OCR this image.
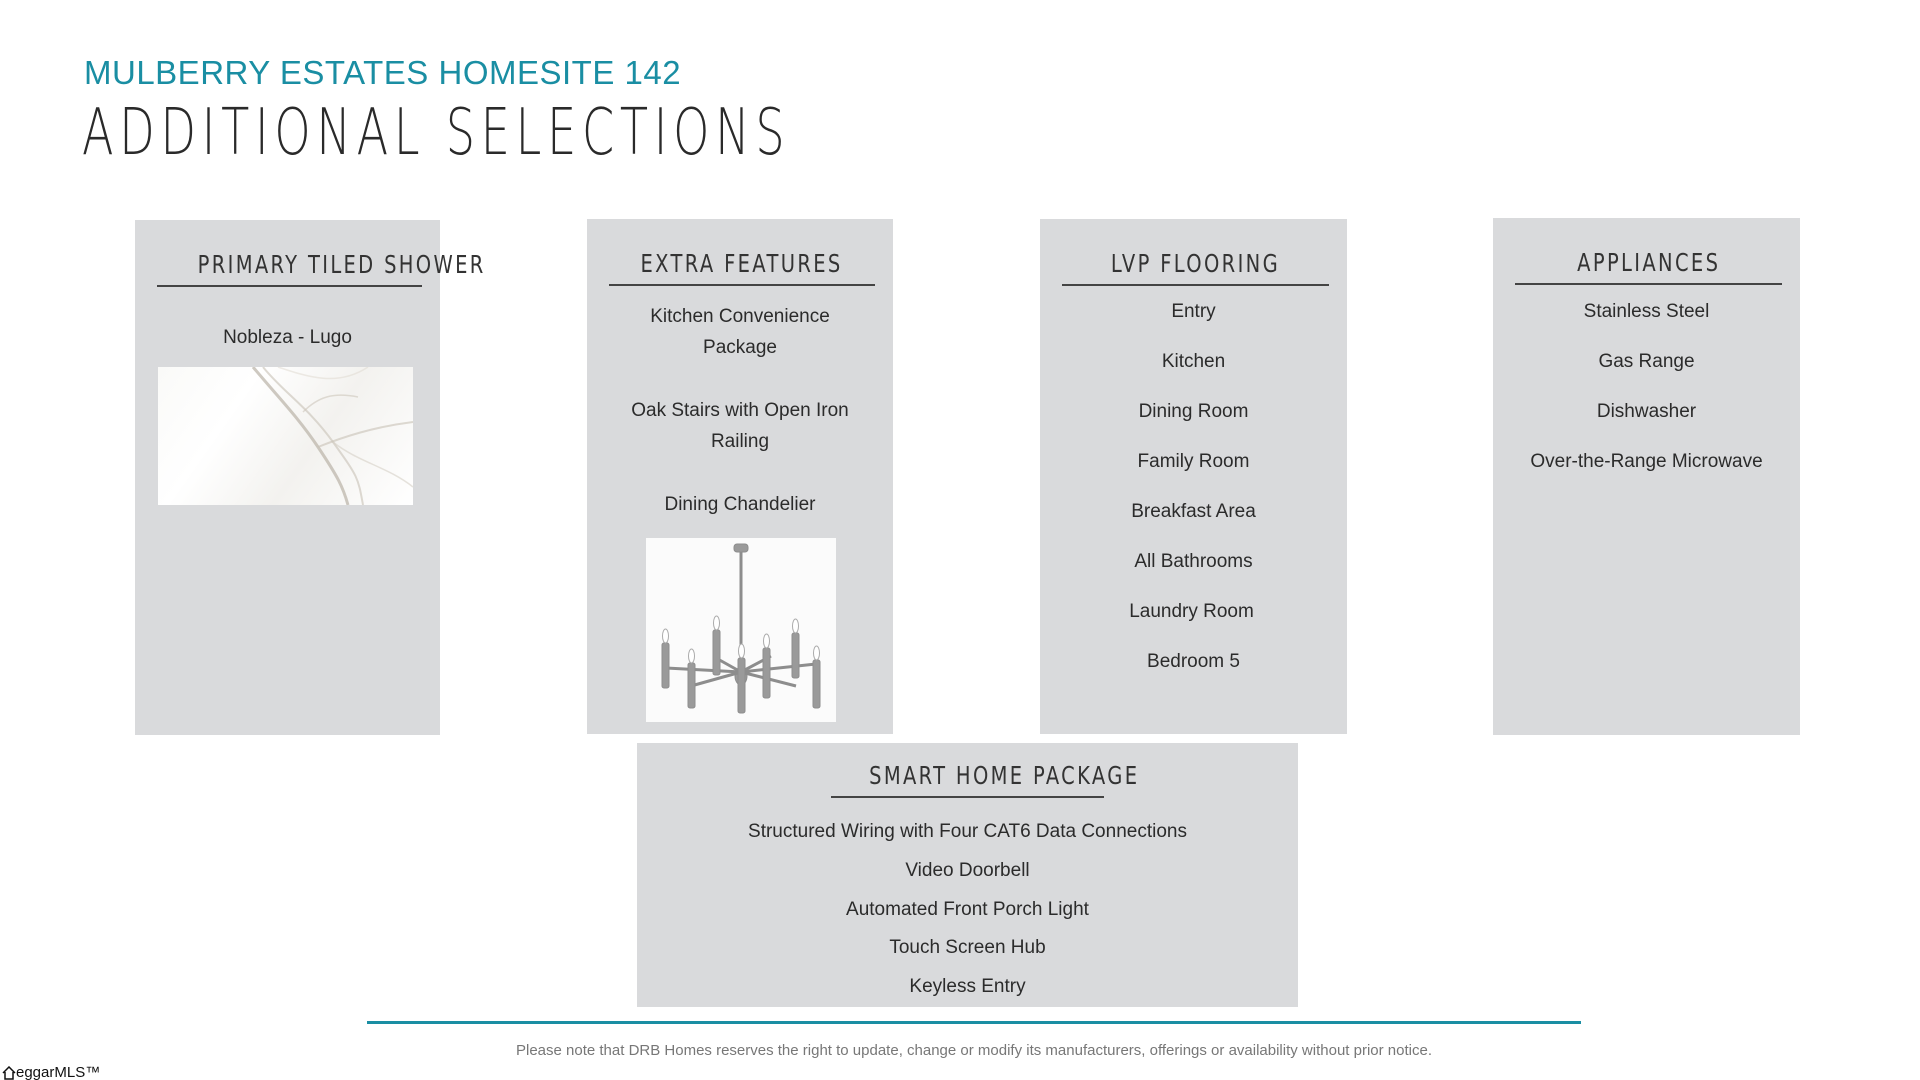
MULBERRY ESTATES HOMESITE 142
ADDITIONAL SELECTIONS
PRIMARY TILED SHOWER
Nobleza - Lugo
EXTRA FEATURES
Kitchen Convenience Package
Oak Stairs with Open Iron Railing
Dining Chandelier
LVP FLOORING
Entry
Kitchen
Dining Room
Family Room
Breakfast Area
All Bathrooms
Laundry Room
Bedroom 5
APPLIANCES
Stainless Steel
Gas Range
Dishwasher
Over-the-Range Microwave
SMART HOME PACKAGE
Structured Wiring with Four CAT6 Data Connections
Video Doorbell
Automated Front Porch Light
Touch Screen Hub
Keyless Entry
Please note that DRB Homes reserves the right to update, change or modify its manufacturers, offerings or availability without prior notice.
eggarMLS™
